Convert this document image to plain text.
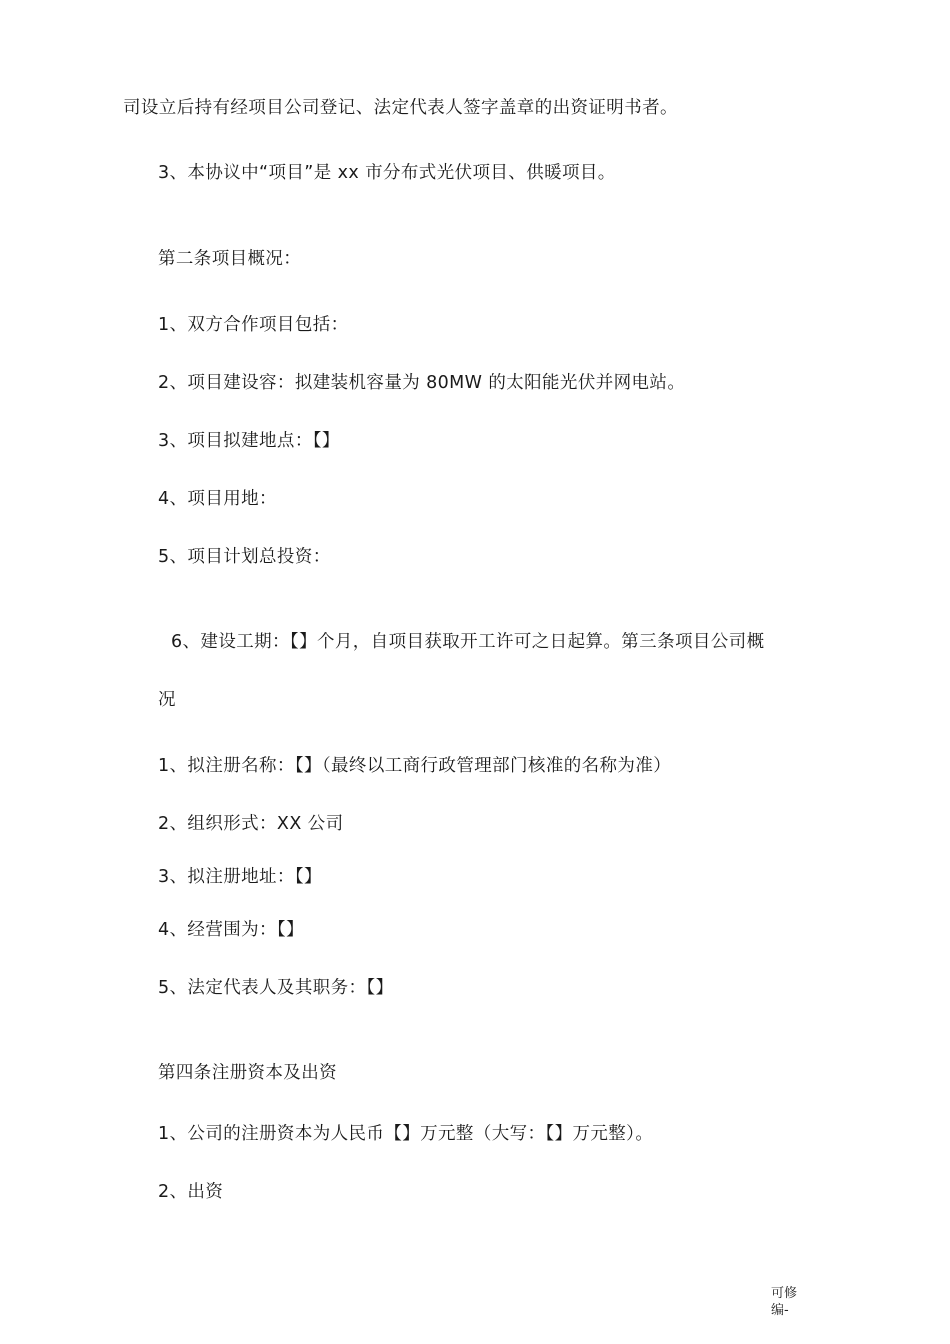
司设立后持有经项目公司登记、法定代表人签字盖章的出资证明书者。
3、本协议中“项目”是 xx 市分布式光伏项目、供暖项目。
第二条项目概况：
1、双方合作项目包括：
2、项目建设容：拟建装机容量为 80MW 的太阳能光伏并网电站。
3、项目拟建地点：【】
4、项目用地：
5、项目计划总投资：
6、建设工期：【】个月，自项目获取开工许可之日起算。第三条项目公司概
况
1、拟注册名称：【】（最终以工商行政管理部门核准的名称为准）
2、组织形式：XX 公司
3、拟注册地址：【】
4、经营围为：【】
5、法定代表人及其职务：【】
第四条注册资本及出资
1、公司的注册资本为人民币【】万元整（大写：【】万元整）。
2、出资
可修编-
